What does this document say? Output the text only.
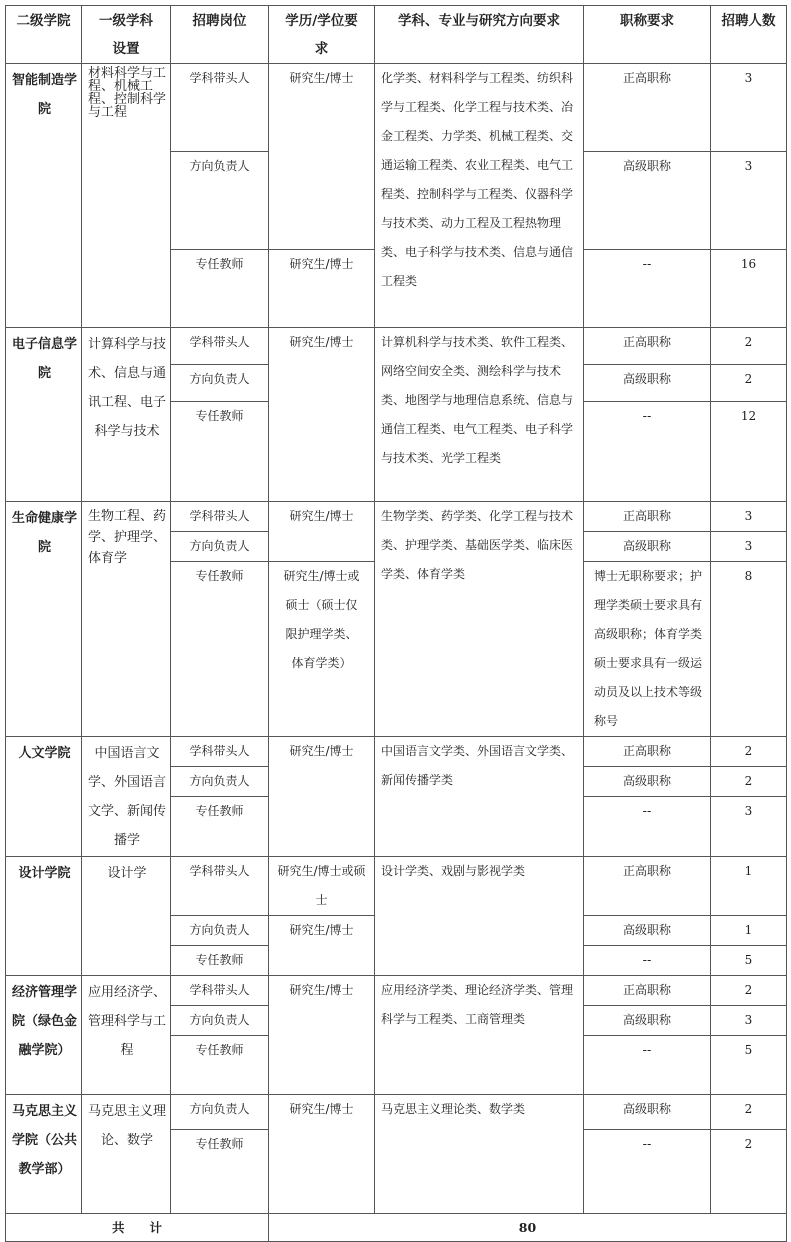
二级学院	一级学科设置	招聘岗位	学历/学位要求	学科、专业与研究方向要求	职称要求	招聘人数
智能制造学院	材料科学与工程、机械工程、控制科学与工程	学科带头人	研究生/博士	化学类、材料科学与工程类、纺织科学与工程类、化学工程与技术类、冶金工程类、力学类、机械工程类、交通运输工程类、农业工程类、电气工程类、控制科学与工程类、仪器科学与技术类、动力工程及工程热物理类、电子科学与技术类、信息与通信工程类	正高职称	3
		方向负责人			高级职称	3
		专任教师	研究生/博士		--	16
电子信息学院	计算科学与技术、信息与通讯工程、电子科学与技术	学科带头人	研究生/博士	计算机科学与技术类、软件工程类、网络空间安全类、测绘科学与技术类、地图学与地理信息系统、信息与通信工程类、电气工程类、电子科学与技术类、光学工程类	正高职称	2
		方向负责人			高级职称	2
		专任教师			--	12
生命健康学院	生物工程、药学、护理学、体育学	学科带头人	研究生/博士	生物学类、药学类、化学工程与技术类、护理学类、基础医学类、临床医学类、体育学类	正高职称	3
		方向负责人			高级职称	3
		专任教师	研究生/博士或硕士（硕士仅限护理学类、体育学类）		博士无职称要求；护理学类硕士要求具有高级职称；体育学类硕士要求具有一级运动员及以上技术等级称号	8
人文学院	中国语言文学、外国语言文学、新闻传播学	学科带头人	研究生/博士	中国语言文学类、外国语言文学类、新闻传播学类	正高职称	2
		方向负责人			高级职称	2
		专任教师			--	3
设计学院	设计学	学科带头人	研究生/博士或硕士	设计学类、戏剧与影视学类	正高职称	1
		方向负责人	研究生/博士		高级职称	1
		专任教师			--	5
经济管理学院（绿色金融学院）	应用经济学、管理科学与工程	学科带头人	研究生/博士	应用经济学类、理论经济学类、管理科学与工程类、工商管理类	正高职称	2
		方向负责人			高级职称	3
		专任教师			--	5
马克思主义学院（公共教学部）	马克思主义理论、数学	方向负责人	研究生/博士	马克思主义理论类、数学类	高级职称	2
		专任教师			--	2
共　　计			80			
